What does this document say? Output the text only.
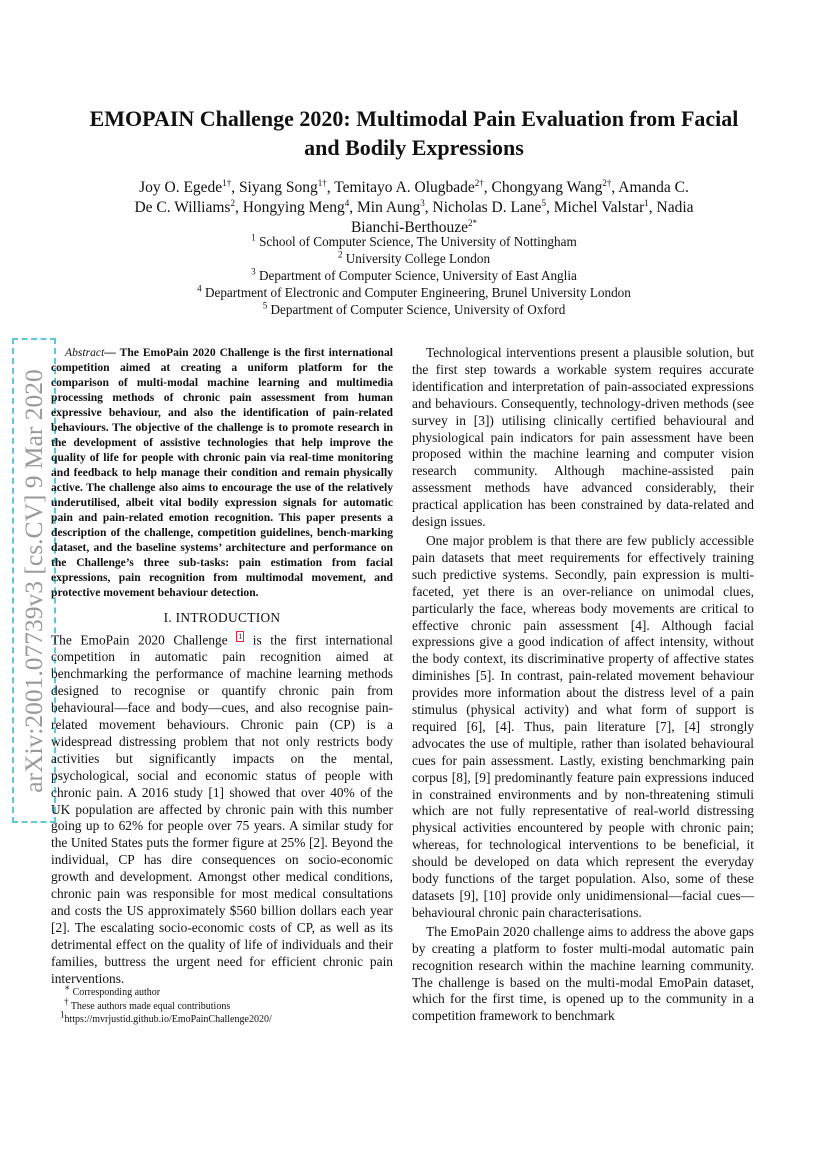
EMOPAIN Challenge 2020: Multimodal Pain Evaluation from Facial
and Bodily Expressions
Joy O. Egede$^{1\dagger}$, Siyang Song$^{1\dagger}$, Temitayo A. Olugbade$^{2\dagger}$, Chongyang Wang$^{2\dagger}$, Amanda C.
De C. Williams$^2$, Hongying Meng$^4$, Min Aung$^3$, Nicholas D. Lane$^5$, Michel Valstar$^1$, Nadia
Bianchi-Berthouze$^{2*}$
$^1$ School of Computer Science, The University of Nottingham
$^2$ University College London
$^3$ Department of Computer Science, University of East Anglia
$^4$ Department of Electronic and Computer Engineering, Brunel University London
$^5$ Department of Computer Science, University of Oxford
arXiv:2001.07739v3 [cs.CV] 9 Mar 2020

Abstract— The EmoPain 2020 Challenge is the first international competition aimed at creating a uniform platform for the comparison of multi-modal machine learning and multimedia processing methods of chronic pain assessment from human expressive behaviour, and also the identification of pain-related behaviours. The objective of the challenge is to promote research in the development of assistive technologies that help improve the quality of life for people with chronic pain via real-time monitoring and feedback to help manage their condition and remain physically active. The challenge also aims to encourage the use of the relatively underutilised, albeit vital bodily expression signals for automatic pain and pain-related emotion recognition. This paper presents a description of the challenge, competition guidelines, bench-marking dataset, and the baseline systems’ architecture and performance on the Challenge’s three sub-tasks: pain estimation from facial expressions, pain recognition from multimodal movement, and protective movement behaviour detection.

I. INTRODUCTION

The EmoPain 2020 Challenge 1 is the first international competition in automatic pain recognition aimed at benchmarking the performance of machine learning methods designed to recognise or quantify chronic pain from behavioural—face and body—cues, and also recognise pain-related movement behaviours. Chronic pain (CP) is a widespread distressing problem that not only restricts body activities but significantly impacts on the mental, psychological, social and economic status of people with chronic pain. A 2016 study [1] showed that over 40% of the UK population are affected by chronic pain with this number going up to 62% for people over 75 years. A similar study for the United States puts the former figure at 25% [2]. Beyond the individual, CP has dire consequences on socio-economic growth and development. Amongst other medical conditions, chronic pain was responsible for most medical consultations and costs the US approximately $560 billion dollars each year [2]. The escalating socio-economic costs of CP, as well as its detrimental effect on the quality of life of individuals and their families, buttress the urgent need for efficient chronic pain interventions.

∗ Corresponding author
† These authors made equal contributions
$^1$https://mvrjustid.github.io/EmoPainChallenge2020/

Technological interventions present a plausible solution, but the first step towards a workable system requires accurate identification and interpretation of pain-associated expressions and behaviours. Consequently, technology-driven methods (see survey in [3]) utilising clinically certified behavioural and physiological pain indicators for pain assessment have been proposed within the machine learning and computer vision research community. Although machine-assisted pain assessment methods have advanced considerably, their practical application has been constrained by data-related and design issues.

One major problem is that there are few publicly accessible pain datasets that meet requirements for effectively training such predictive systems. Secondly, pain expression is multi-faceted, yet there is an over-reliance on unimodal clues, particularly the face, whereas body movements are critical to effective chronic pain assessment [4]. Although facial expressions give a good indication of affect intensity, without the body context, its discriminative property of affective states diminishes [5]. In contrast, pain-related movement behaviour provides more information about the distress level of a pain stimulus (physical activity) and what form of support is required [6], [4]. Thus, pain literature [7], [4] strongly advocates the use of multiple, rather than isolated behavioural cues for pain assessment. Lastly, existing benchmarking pain corpus [8], [9] predominantly feature pain expressions induced in constrained environments and by non-threatening stimuli which are not fully representative of real-world distressing physical activities encountered by people with chronic pain; whereas, for technological interventions to be beneficial, it should be developed on data which represent the everyday body functions of the target population. Also, some of these datasets [9], [10] provide only unidimensional—facial cues—behavioural chronic pain characterisations.

The EmoPain 2020 challenge aims to address the above gaps by creating a platform to foster multi-modal automatic pain recognition research within the machine learning community. The challenge is based on the multi-modal EmoPain dataset, which for the first time, is opened up to the community in a competition framework to benchmark
